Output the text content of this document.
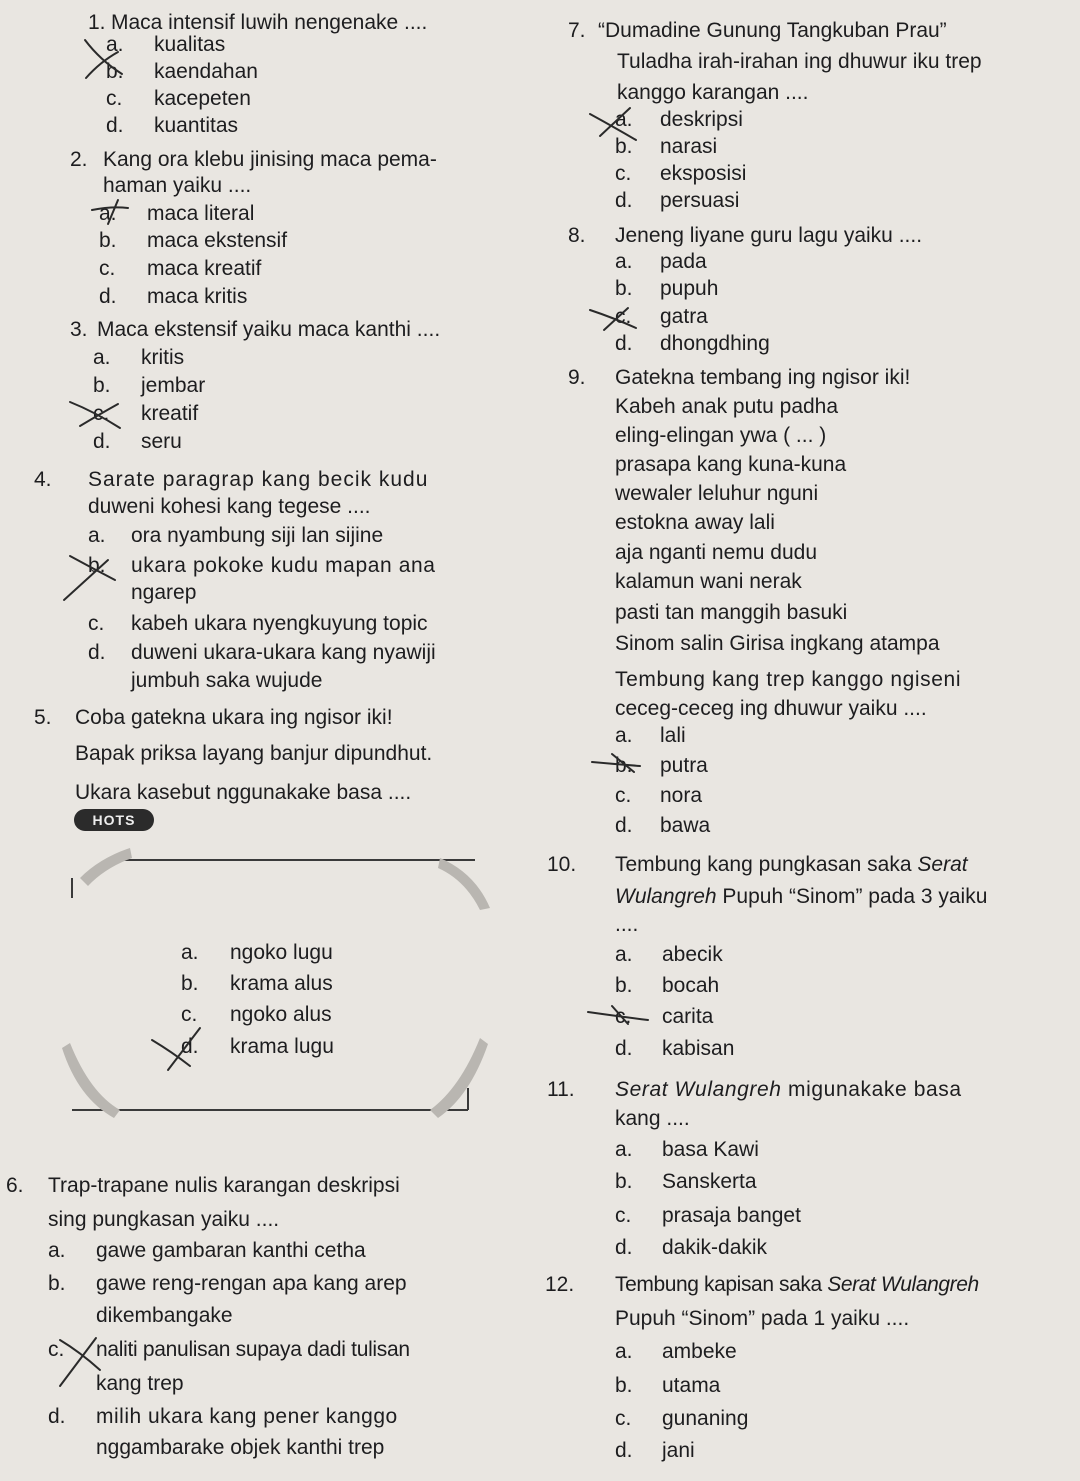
1. Maca intensif luwih nengenake ....
a. kualitas
b. kaendahan
c. kacepeten
d. kuantitas
2. Kang ora klebu jinising maca pema-
haman yaiku ....
a. maca literal
b. maca ekstensif
c. maca kreatif
d. maca kritis
3. Maca ekstensif yaiku maca kanthi ....
a. kritis
b. jembar
c. kreatif
d. seru
4. Sarate paragrap kang becik kudu
duweni kohesi kang tegese ....
a. ora nyambung siji lan sijine
b. ukara pokoke kudu mapan ana
ngarep
c. kabeh ukara nyengkuyung topic
d. duweni ukara-ukara kang nyawiji
jumbuh saka wujude
5. Coba gatekna ukara ing ngisor iki!
Bapak priksa layang banjur dipundhut.
Ukara kasebut nggunakake basa ....
HOTS
a. ngoko lugu
b. krama alus
c. ngoko alus
d. krama lugu
6. Trap-trapane nulis karangan deskripsi
sing pungkasan yaiku ....
a. gawe gambaran kanthi cetha
b. gawe reng-rengan apa kang arep
dikembangake
c. naliti panulisan supaya dadi tulisan
kang trep
d. milih ukara kang pener kanggo
nggambarake objek kanthi trep
7. “Dumadine Gunung Tangkuban Prau”
Tuladha irah-irahan ing dhuwur iku trep
kanggo karangan ....
a. deskripsi
b. narasi
c. eksposisi
d. persuasi
8. Jeneng liyane guru lagu yaiku ....
a. pada
b. pupuh
c. gatra
d. dhongdhing
9. Gatekna tembang ing ngisor iki!
Kabeh anak putu padha
eling-elingan ywa ( ... )
prasapa kang kuna-kuna
wewaler leluhur nguni
estokna away lali
aja nganti nemu dudu
kalamun wani nerak
pasti tan manggih basuki
Sinom salin Girisa ingkang atampa
Tembung kang trep kanggo ngiseni
ceceg-ceceg ing dhuwur yaiku ....
a. lali
b. putra
c. nora
d. bawa
10. Tembung kang pungkasan saka Serat
Wulangreh Pupuh “Sinom” pada 3 yaiku
....
a. abecik
b. bocah
c. carita
d. kabisan
11. Serat Wulangreh migunakake basa
kang ....
a. basa Kawi
b. Sanskerta
c. prasaja banget
d. dakik-dakik
12. Tembung kapisan saka Serat Wulangreh
Pupuh “Sinom” pada 1 yaiku ....
a. ambeke
b. utama
c. gunaning
d. jani
